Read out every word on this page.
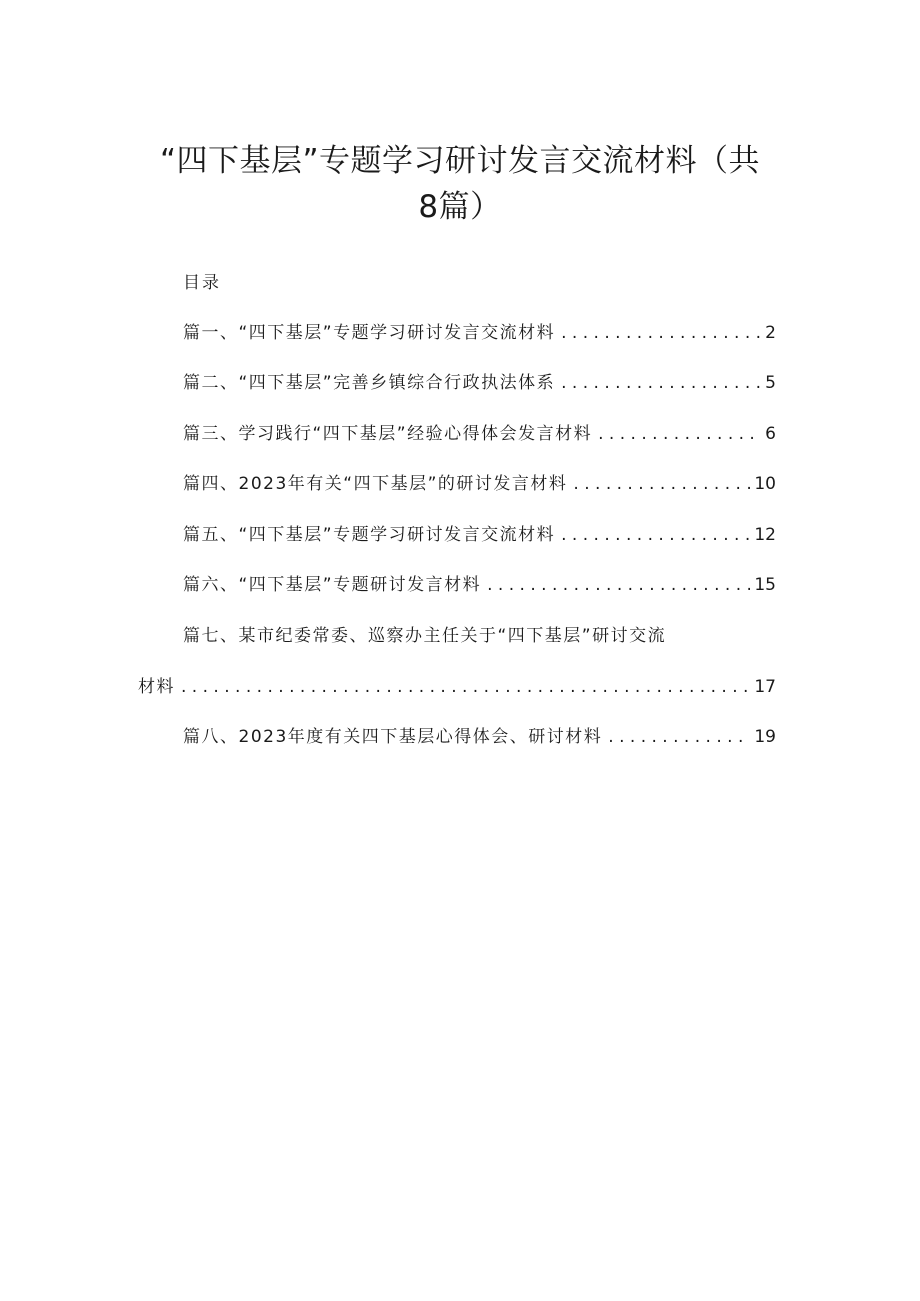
“四下基层”专题学习研讨发言交流材料（共
8篇）
目录
篇一、“四下基层”专题学习研讨发言交流材料 . . .	2
篇二、“四下基层”完善乡镇综合行政执法体系 . . .	5
篇三、学习践行“四下基层”经验心得体会发言材料 . . .	6
篇四、2023年有关“四下基层”的研讨发言材料 . . .	10
篇五、“四下基层”专题学习研讨发言交流材料 . . .	12
篇六、“四下基层”专题研讨发言材料 . . .	15
篇七、某市纪委常委、巡察办主任关于“四下基层”研讨交流
材料 . . .	17
篇八、2023年度有关四下基层心得体会、研讨材料 . . .	19
